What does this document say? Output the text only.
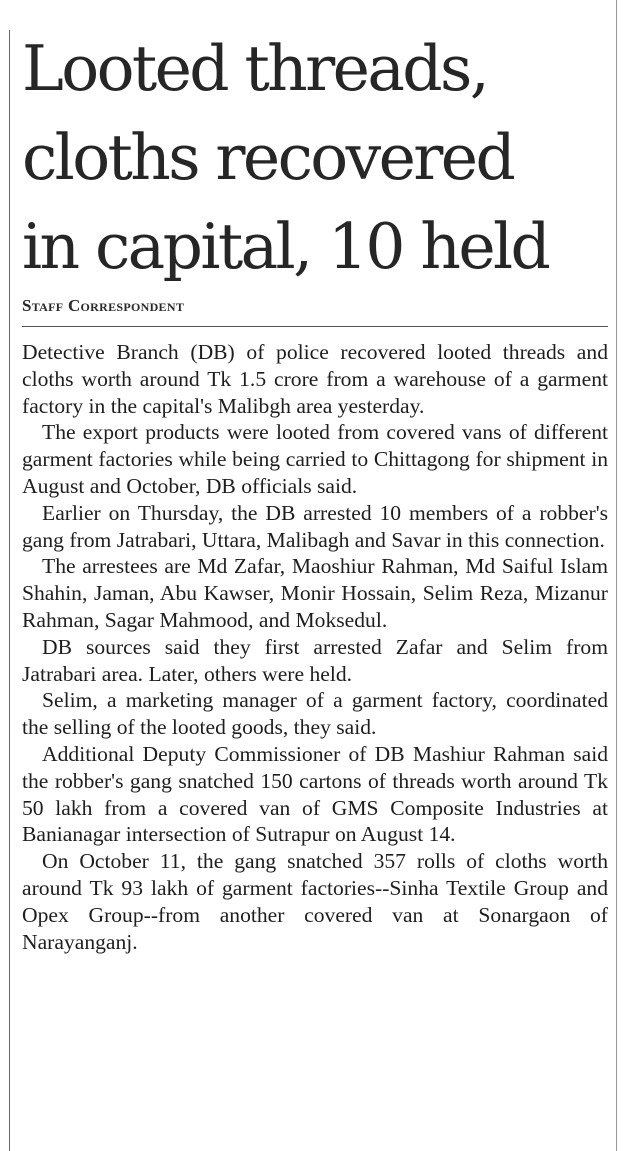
Looted threads,
cloths recovered
in capital, 10 held
Staff Correspondent

Detective Branch (DB) of police recovered looted threads and cloths worth around Tk 1.5 crore from a warehouse of a garment factory in the capital's Malibgh area yesterday.

The export products were looted from covered vans of different garment factories while being carried to Chittagong for shipment in August and October, DB officials said.

Earlier on Thursday, the DB arrested 10 members of a robber's gang from Jatrabari, Uttara, Malibagh and Savar in this connection.

The arrestees are Md Zafar, Maoshiur Rahman, Md Saiful Islam Shahin, Jaman, Abu Kawser, Monir Hossain, Selim Reza, Mizanur Rahman, Sagar Mahmood, and Moksedul.

DB sources said they first arrested Zafar and Selim from Jatrabari area. Later, others were held.

Selim, a marketing manager of a garment factory, coordinated the selling of the looted goods, they said.

Additional Deputy Commissioner of DB Mashiur Rahman said the robber's gang snatched 150 cartons of threads worth around Tk 50 lakh from a covered van of GMS Composite Industries at Banianagar intersection of Sutrapur on August 14.

On October 11, the gang snatched 357 rolls of cloths worth around Tk 93 lakh of garment factories--Sinha Textile Group and Opex Group--from another covered van at Sonargaon of Narayanganj.
